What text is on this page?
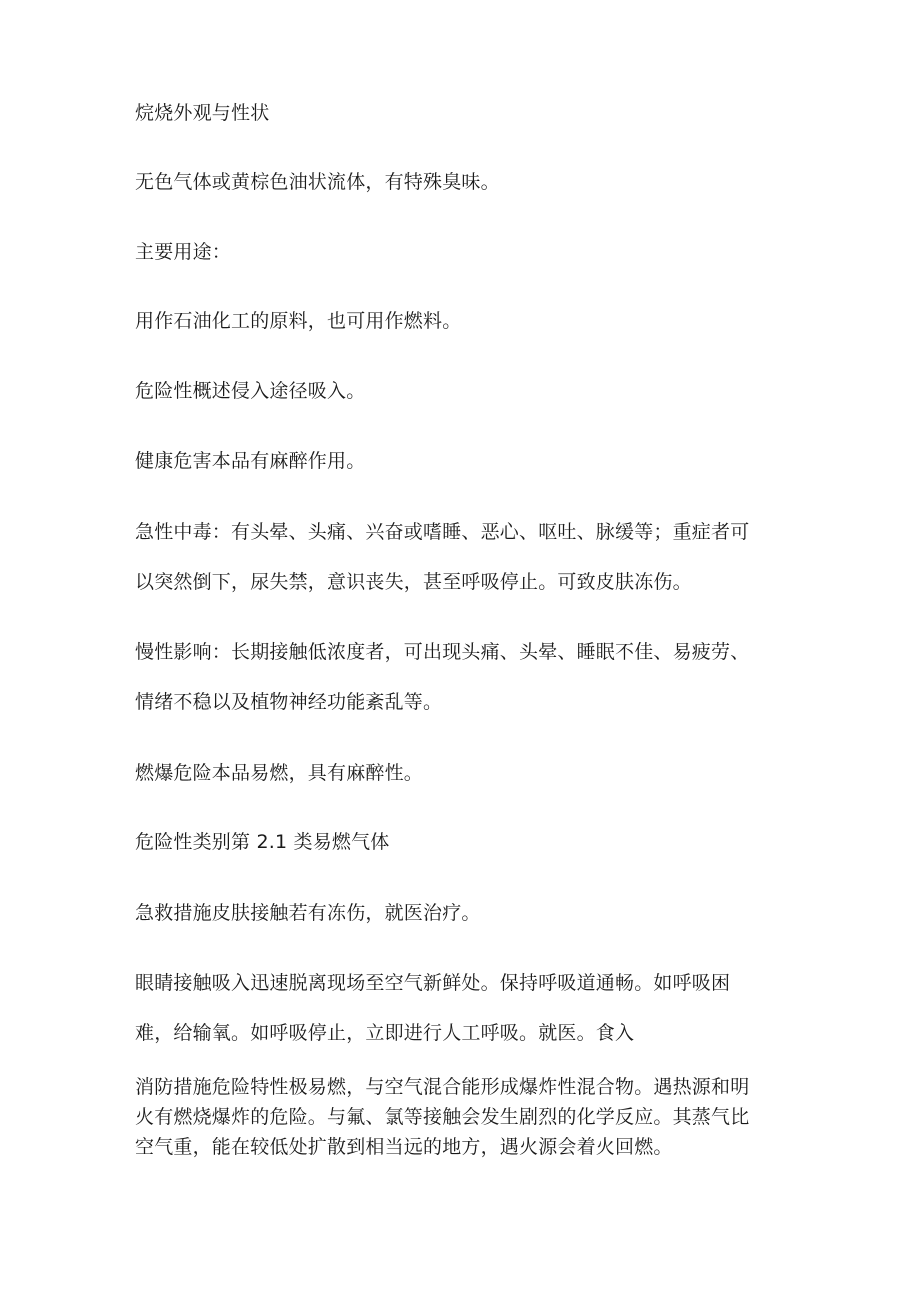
烷烧外观与性状
无色气体或黄棕色油状流体，有特殊臭味。
主要用途：
用作石油化工的原料，也可用作燃料。
危险性概述侵入途径吸入。
健康危害本品有麻醉作用。
急性中毒：有头晕、头痛、兴奋或嗜睡、恶心、呕吐、脉缓等；重症者可
以突然倒下，尿失禁，意识丧失，甚至呼吸停止。可致皮肤冻伤。
慢性影响：长期接触低浓度者，可出现头痛、头晕、睡眠不佳、易疲劳、
情绪不稳以及植物神经功能紊乱等。
燃爆危险本品易燃，具有麻醉性。
危险性类别第 2.1 类易燃气体
急救措施皮肤接触若有冻伤，就医治疗。
眼睛接触吸入迅速脱离现场至空气新鲜处。保持呼吸道通畅。如呼吸困
难，给输氧。如呼吸停止，立即进行人工呼吸。就医。食入
消防措施危险特性极易燃，与空气混合能形成爆炸性混合物。遇热源和明
火有燃烧爆炸的危险。与氟、氯等接触会发生剧烈的化学反应。其蒸气比
空气重，能在较低处扩散到相当远的地方，遇火源会着火回燃。
